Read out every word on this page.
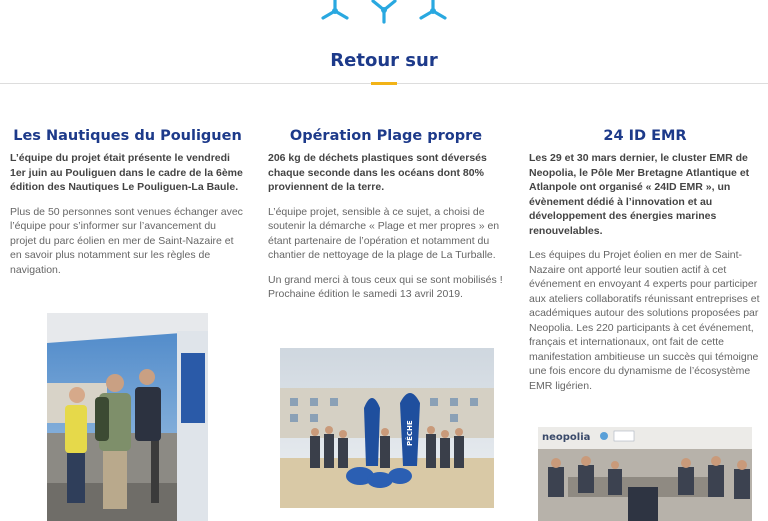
Retour sur
Les Nautiques du Pouliguen

L’équipe du projet était présente le vendredi 1er juin au Pouliguen dans le cadre de la 6ème édition des Nautiques Le Pouliguen-La Baule.

Plus de 50 personnes sont venues échanger avec l’équipe pour s’informer sur l’avancement du projet du parc éolien en mer de Saint-Nazaire et en savoir plus notamment sur les règles de navigation.

Opération Plage propre

206 kg de déchets plastiques sont déversés chaque seconde dans les océans dont 80% proviennent de la terre.

L’équipe projet, sensible à ce sujet, a choisi de soutenir la démarche « Plage et mer propres » en étant partenaire de l’opération et notamment du chantier de nettoyage de la plage de La Turballe.

Un grand merci à tous ceux qui se sont mobilisés ! Prochaine édition le samedi 13 avril 2019.

24 ID EMR

Les 29 et 30 mars dernier, le cluster EMR de Neopolia, le Pôle Mer Bretagne Atlantique et Atlanpole ont organisé « 24ID EMR », un évènement dédié à l’innovation et au développement des énergies marines renouvelables.

Les équipes du Projet éolien en mer de Saint-Nazaire ont apporté leur soutien actif à cet événement en envoyant 4 experts pour participer aux ateliers collaboratifs réunissant entreprises et académiques autour des solutions proposées par Neopolia. Les 220 participants à cet événement, français et internationaux, ont fait de cette manifestation ambitieuse un succès qui témoigne une fois encore du dynamisme de l’écosystème EMR ligérien.

PÊCHE	neopolia
